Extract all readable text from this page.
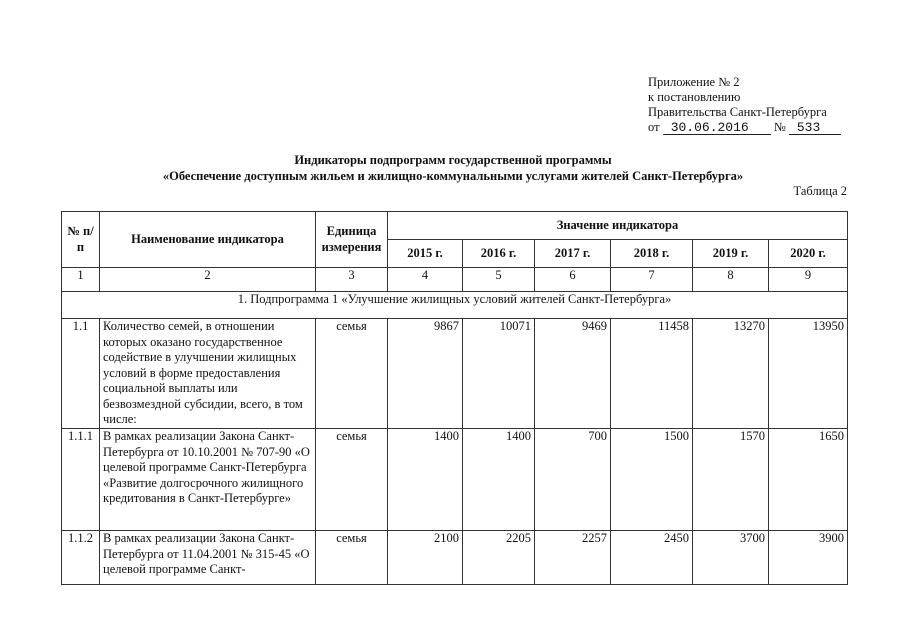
Приложение № 2
к постановлению
Правительства Санкт-Петербурга
от 30.06.2016 № 533
Индикаторы подпрограмм государственной программы
«Обеспечение доступным жильем и жилищно-коммунальными услугами жителей Санкт-Петербурга»
Таблица 2
№ п/п	Наименование индикатора	Единица измерения	Значение индикатора					
			2015 г.	2016 г.	2017 г.	2018 г.	2019 г.	2020 г.
1	2	3	4	5	6	7	8	9
1. Подпрограмма 1 «Улучшение жилищных условий жителей Санкт-Петербурга»								
1.1	Количество семей, в отношении которых оказано государственное содействие в улучшении жилищных условий в форме предоставления социальной выплаты или безвозмездной субсидии, всего, в том числе:	семья	9867	10071	9469	11458	13270	13950
1.1.1	В рамках реализации Закона Санкт-Петербурга от 10.10.2001 № 707-90 «О целевой программе Санкт-Петербурга «Развитие долгосрочного жилищного кредитования в Санкт-Петербурге»	семья	1400	1400	700	1500	1570	1650
1.1.2	В рамках реализации Закона Санкт-Петербурга от 11.04.2001 № 315-45 «О целевой программе Санкт-	семья	2100	2205	2257	2450	3700	3900
